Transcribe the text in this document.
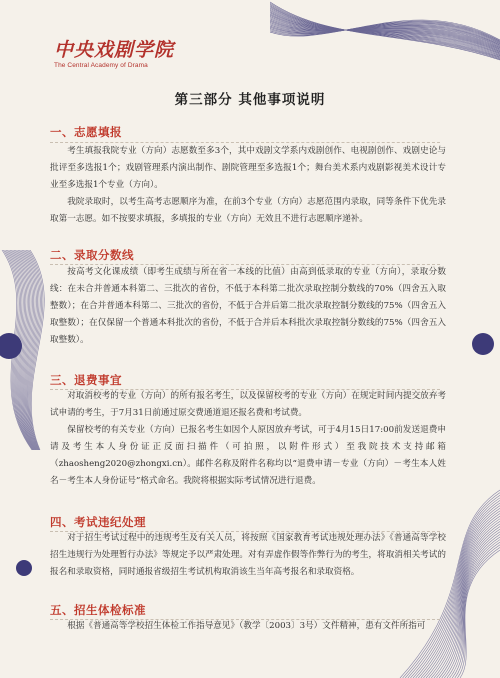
中央戏剧学院
The Central Academy of Drama
第三部分 其他事项说明
一、志愿填报
考生填报我院专业（方向）志愿数至多3个，其中戏剧文学系内戏剧创作、电视剧创作、戏剧史论与批评至多选报1个；戏剧管理系内演出制作、剧院管理至多选报1个；舞台美术系内戏剧影视美术设计专业至多选报1个专业（方向）。
我院录取时，以考生高考志愿顺序为准，在前3个专业（方向）志愿范围内录取，同等条件下优先录取第一志愿。如不按要求填报，多填报的专业（方向）无效且不进行志愿顺序递补。
二、录取分数线
按高考文化课成绩（即考生成绩与所在省一本线的比值）由高到低录取的专业（方向），录取分数线：在未合并普通本科第二、三批次的省份，不低于本科第二批次录取控制分数线的70%（四舍五入取整数）；在合并普通本科第二、三批次的省份，不低于合并后第二批次录取控制分数线的75%（四舍五入取整数）；在仅保留一个普通本科批次的省份，不低于合并后本科批次录取控制分数线的75%（四舍五入取整数）。
三、退费事宜
对取消校考的专业（方向）的所有报名考生，以及保留校考的专业（方向）在规定时间内提交放弃考试申请的考生，于7月31日前通过原交费通道退还报名费和考试费。
保留校考的有关专业（方向）已报名考生如因个人原因放弃考试，可于4月15日17:00前发送退费申请及考生本人身份证正反面扫描件（可拍照，以附件形式）至我院技术支持邮箱（zhaosheng2020@zhongxi.cn）。邮件名称及附件名称均以“退费申请－专业（方向）－考生本人姓名－考生本人身份证号”格式命名。我院将根据实际考试情况进行退费。
四、考试违纪处理
对于招生考试过程中的违规考生及有关人员，将按照《国家教育考试违规处理办法》《普通高等学校招生违规行为处理暂行办法》等规定予以严肃处理。对有弄虚作假等作弊行为的考生，将取消相关考试的报名和录取资格，同时通报省级招生考试机构取消该生当年高考报名和录取资格。
五、招生体检标准
根据《普通高等学校招生体检工作指导意见》（教学〔2003〕3号）文件精神，患有文件所指可
